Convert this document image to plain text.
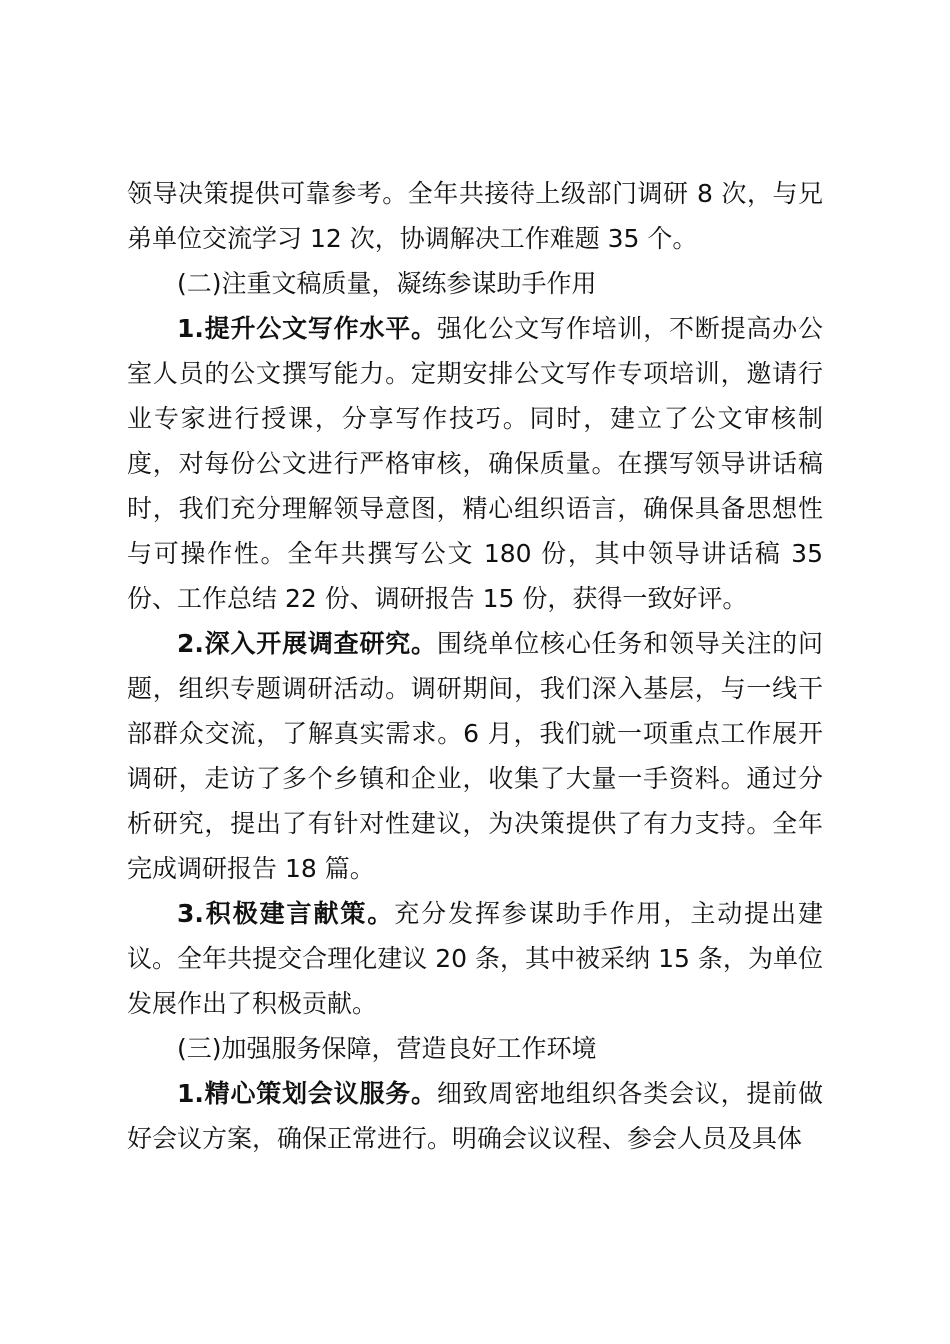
领导决策提供可靠参考。全年共接待上级部门调研 8 次，与兄弟单位交流学习 12 次，协调解决工作难题 35 个。

(二)注重文稿质量，凝练参谋助手作用

1.提升公文写作水平。强化公文写作培训，不断提高办公室人员的公文撰写能力。定期安排公文写作专项培训，邀请行业专家进行授课，分享写作技巧。同时，建立了公文审核制度，对每份公文进行严格审核，确保质量。在撰写领导讲话稿时，我们充分理解领导意图，精心组织语言，确保具备思想性与可操作性。全年共撰写公文 180 份，其中领导讲话稿 35 份、工作总结 22 份、调研报告 15 份，获得一致好评。

2.深入开展调查研究。围绕单位核心任务和领导关注的问题，组织专题调研活动。调研期间，我们深入基层，与一线干部群众交流，了解真实需求。6 月，我们就一项重点工作展开调研，走访了多个乡镇和企业，收集了大量一手资料。通过分析研究，提出了有针对性建议，为决策提供了有力支持。全年完成调研报告 18 篇。

3.积极建言献策。充分发挥参谋助手作用，主动提出建议。全年共提交合理化建议 20 条，其中被采纳 15 条，为单位发展作出了积极贡献。

(三)加强服务保障，营造良好工作环境

1.精心策划会议服务。细致周密地组织各类会议，提前做好会议方案，确保正常进行。明确会议议程、参会人员及具体
